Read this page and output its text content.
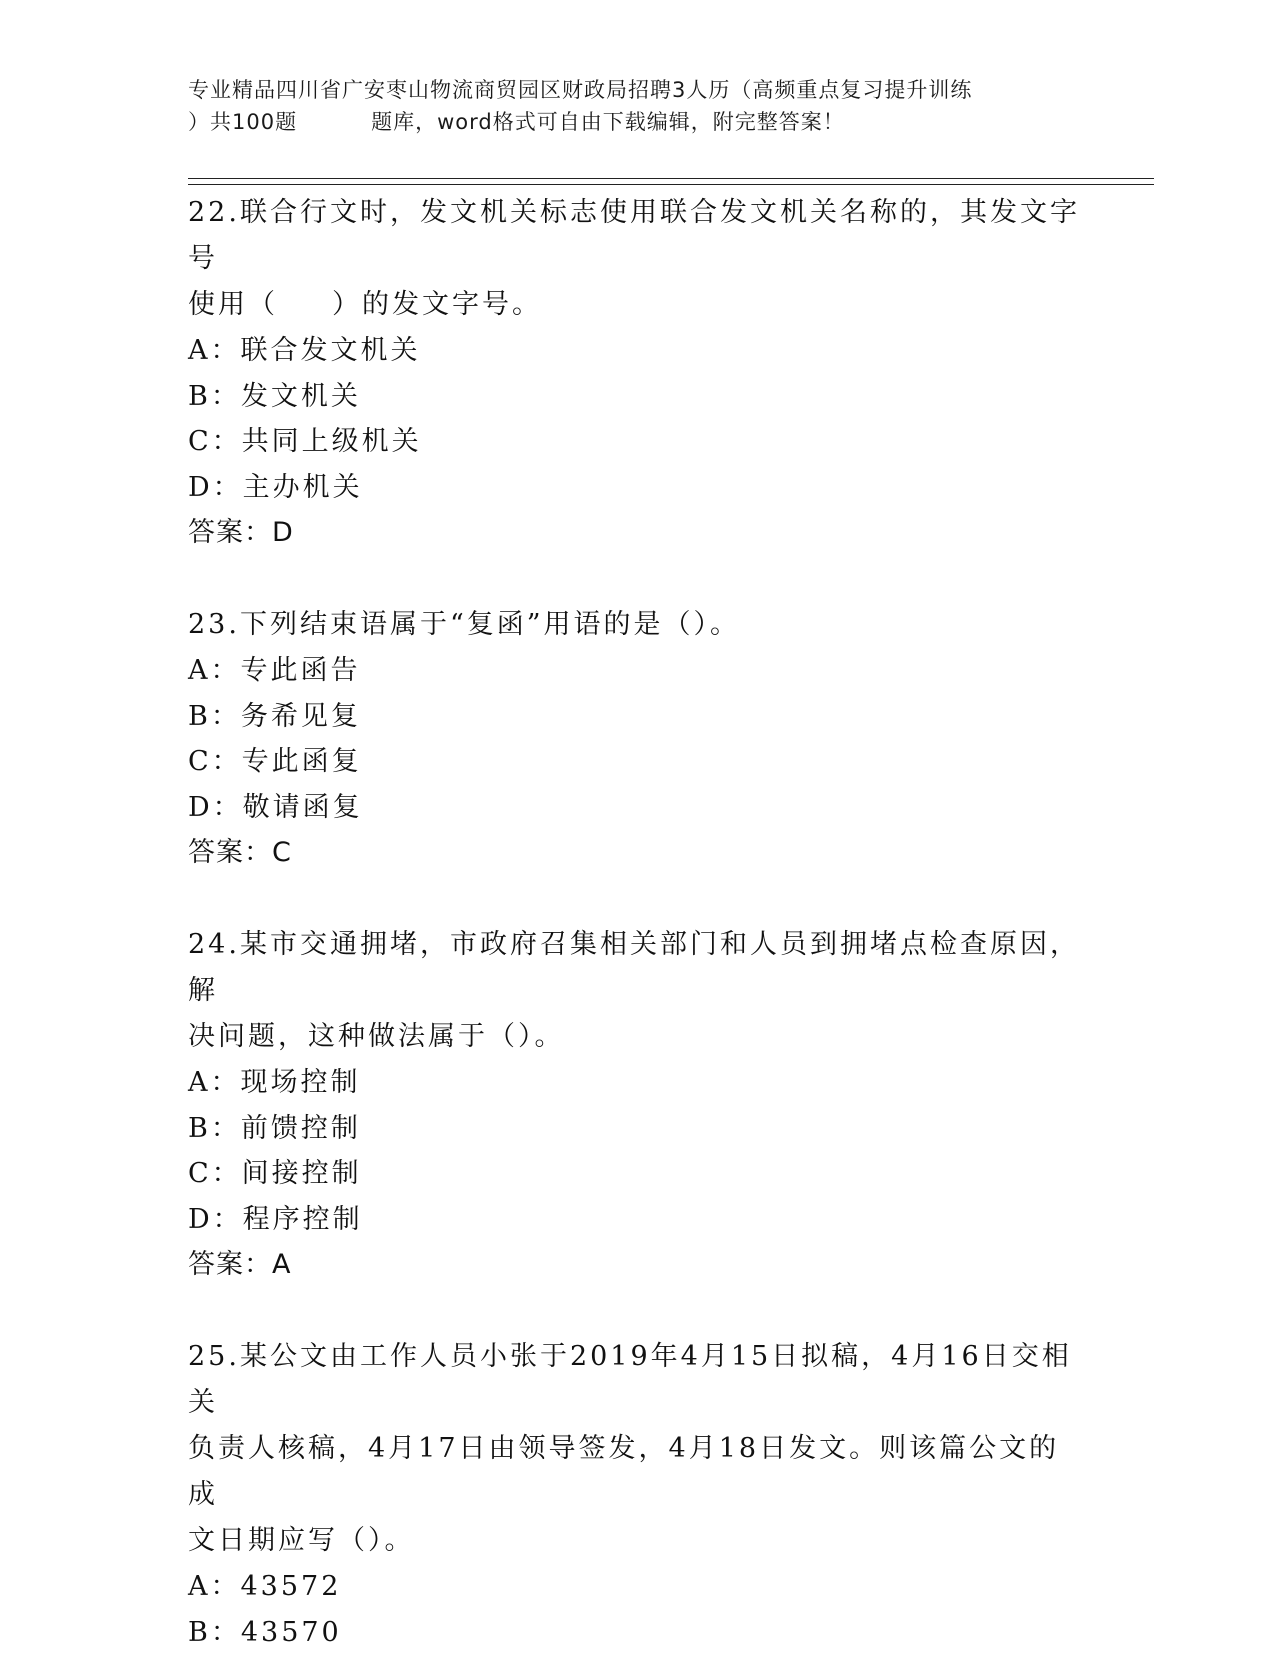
专业精品四川省广安枣山物流商贸园区财政局招聘3人历（高频重点复习提升训练
）共100题	题库，word格式可自由下载编辑，附完整答案！
22.联合行文时，发文机关标志使用联合发文机关名称的，其发文字号
使用（ ）的发文字号。
A：联合发文机关
B：发文机关
C：共同上级机关
D：主办机关
答案：D
23.下列结束语属于“复函”用语的是（）。
A：专此函告
B：务希见复
C：专此函复
D：敬请函复
答案：C
24.某市交通拥堵，市政府召集相关部门和人员到拥堵点检查原因，解
决问题，这种做法属于（）。
A：现场控制
B：前馈控制
C：间接控制
D：程序控制
答案：A
25.某公文由工作人员小张于2019年4月15日拟稿，4月16日交相关
负责人核稿，4月17日由领导签发，4月18日发文。则该篇公文的成
文日期应写（）。
A：43572
B：43570
